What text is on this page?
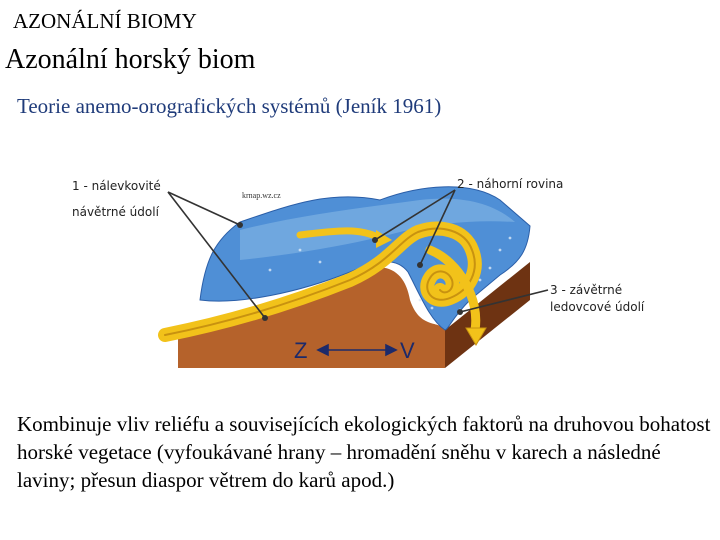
AZONÁLNÍ BIOMY
Azonální horský biom
Teorie anemo-orografických systémů (Jeník 1961)
Z	V
1 - nálevkovité
návětrné údolí
krnap.wz.cz
2 - náhorní rovina
3 - závětrné
ledovcové údolí
Kombinuje vliv reliéfu a souvisejících ekologických faktorů na druhovou bohatost horské vegetace (vyfoukávané hrany – hromadění sněhu v karech a následné laviny; přesun diaspor větrem do karů apod.)
